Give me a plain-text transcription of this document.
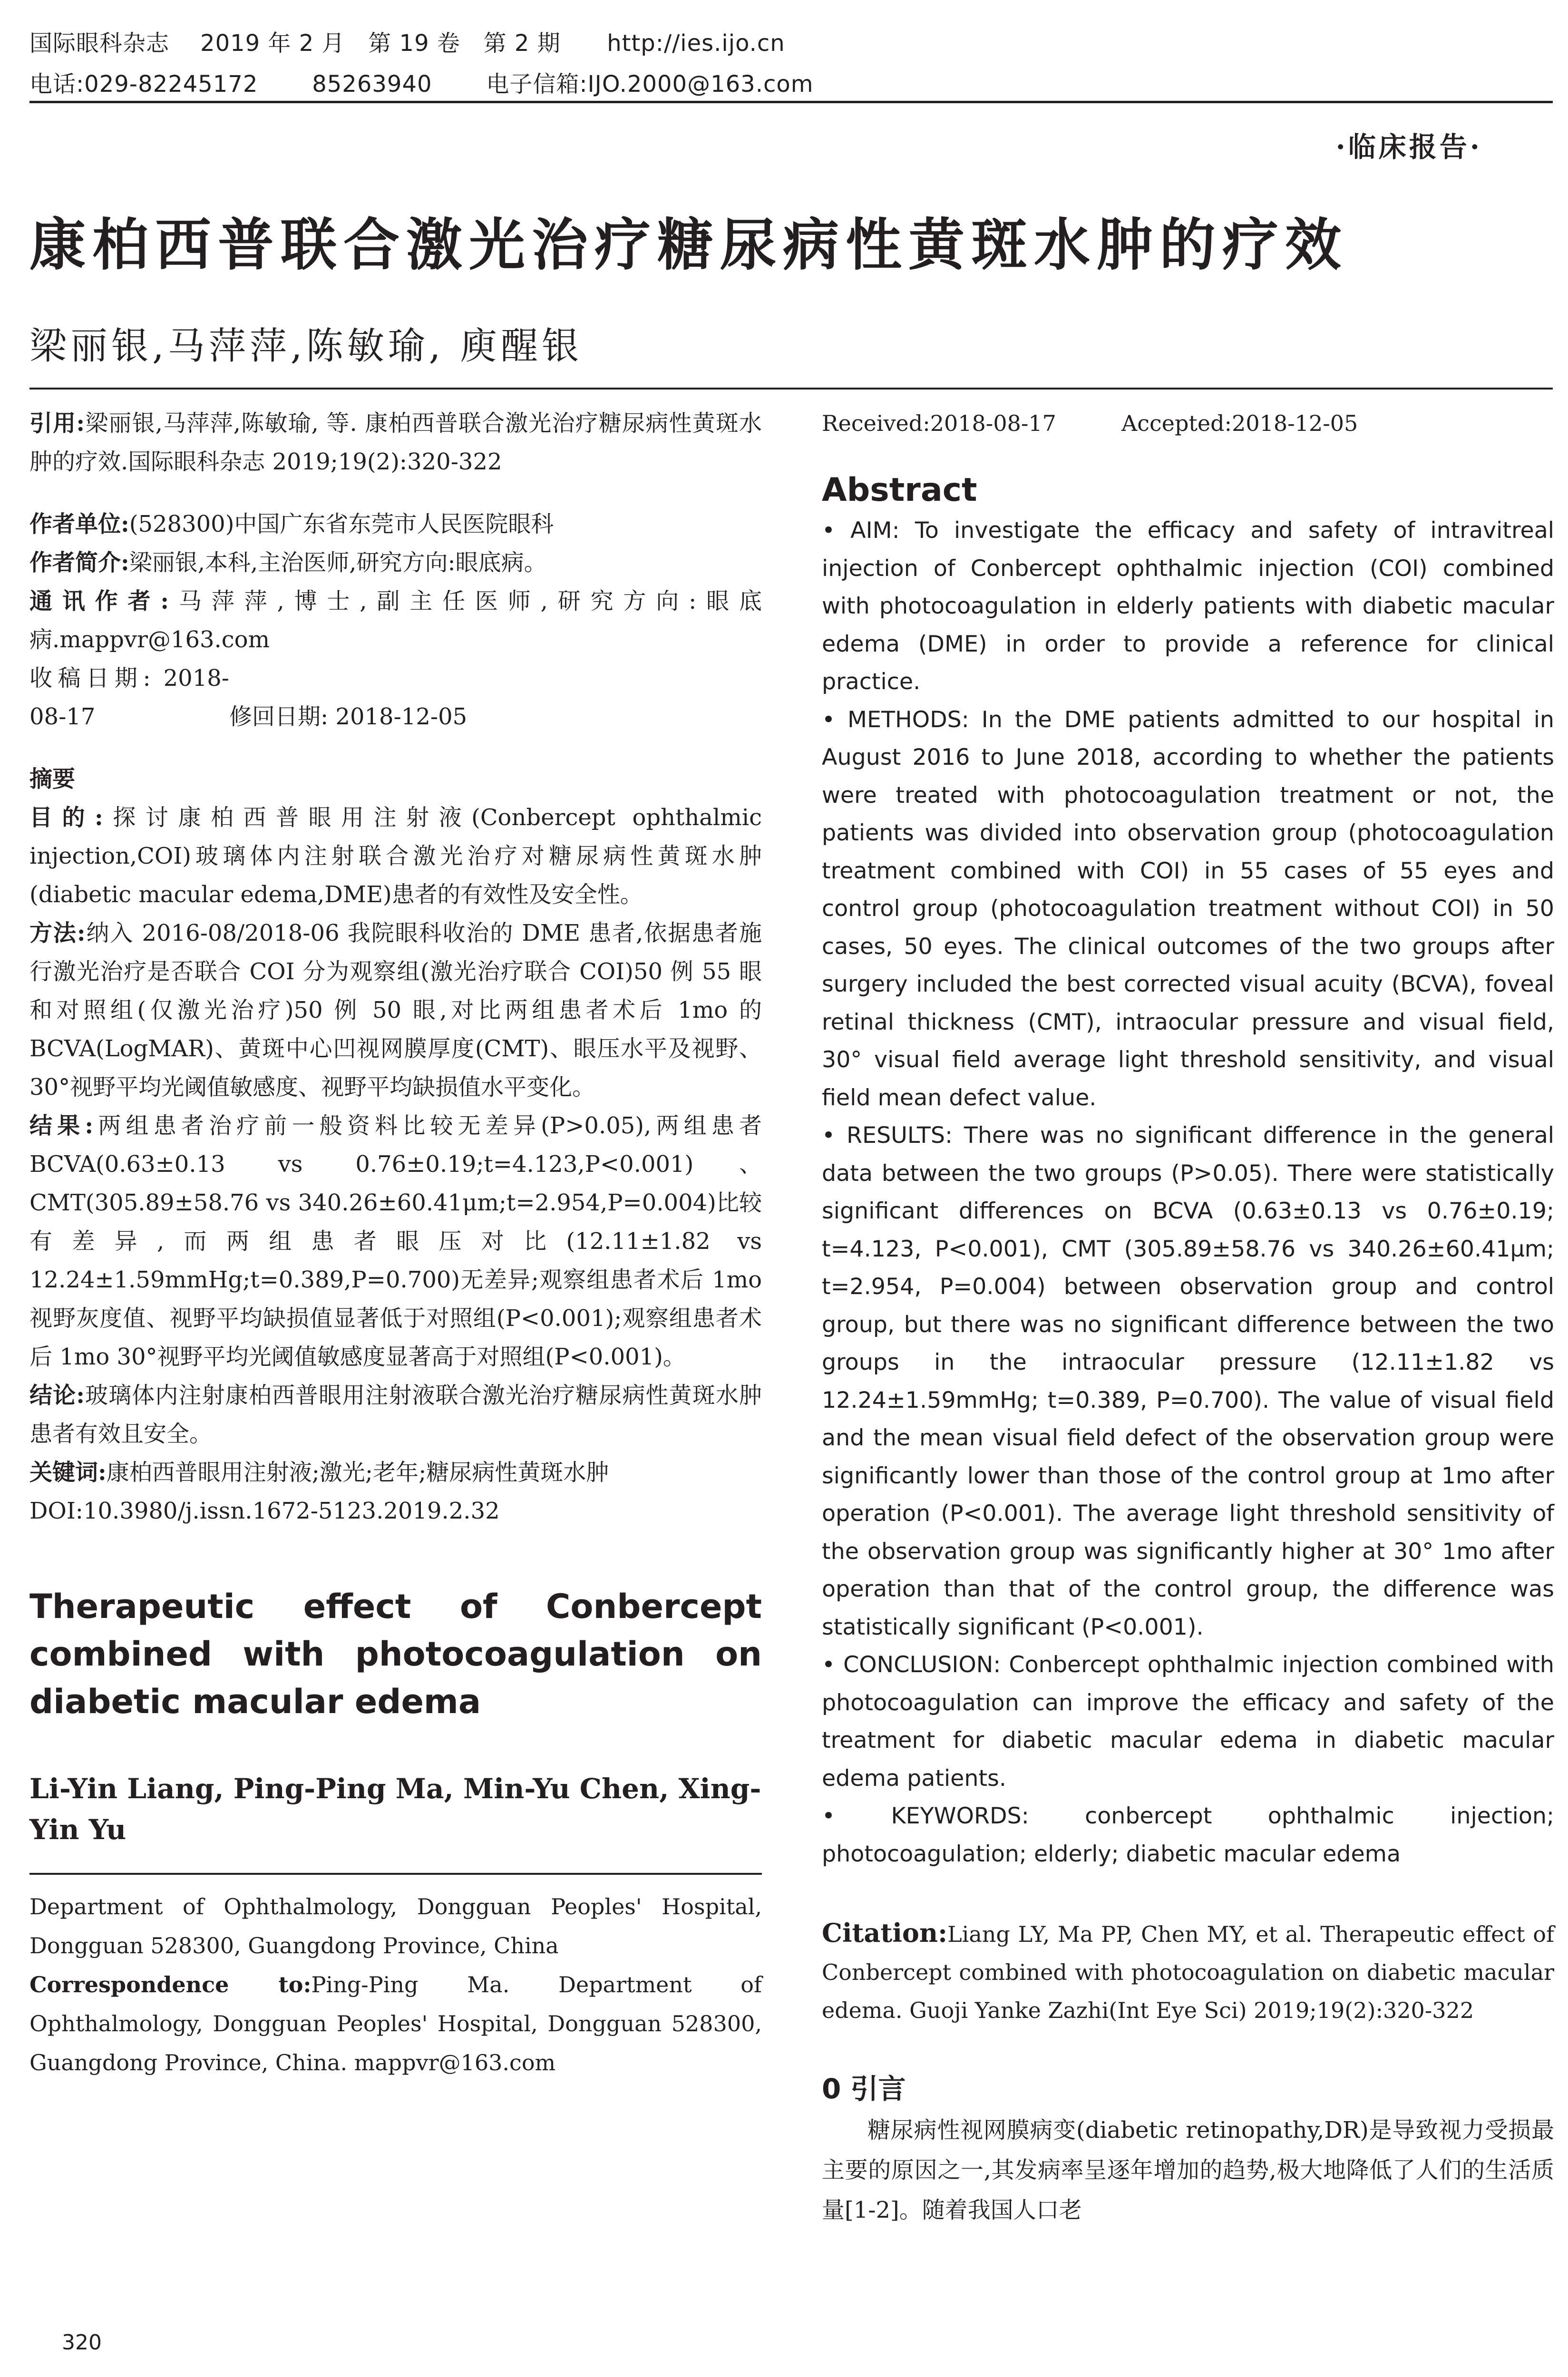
国际眼科杂志    2019 年 2 月   第 19 卷   第 2 期      http://ies.ijo.cn
电话:029-82245172       85263940       电子信箱:IJO.2000@163.com
·临床报告·
康柏西普联合激光治疗糖尿病性黄斑水肿的疗效
梁丽银,马萍萍,陈敏瑜, 庾醒银

引用:梁丽银,马萍萍,陈敏瑜, 等. 康柏西普联合激光治疗糖尿病性黄斑水肿的疗效.国际眼科杂志 2019;19(2):320-322

作者单位:(528300)中国广东省东莞市人民医院眼科

作者简介:梁丽银,本科,主治医师,研究方向:眼底病。

通讯作者:马萍萍,博士,副主任医师,研究方向:眼底病.mappvr@163.com

收稿日期: 2018-08-17	修回日期: 2018-12-05

摘要

目的:探讨康柏西普眼用注射液(Conbercept ophthalmic injection,COI)玻璃体内注射联合激光治疗对糖尿病性黄斑水肿(diabetic macular edema,DME)患者的有效性及安全性。

方法:纳入 2016-08/2018-06 我院眼科收治的 DME 患者,依据患者施行激光治疗是否联合 COI 分为观察组(激光治疗联合 COI)50 例 55 眼和对照组(仅激光治疗)50 例 50 眼,对比两组患者术后 1mo 的 BCVA(LogMAR)、黄斑中心凹视网膜厚度(CMT)、眼压水平及视野、30°视野平均光阈值敏感度、视野平均缺损值水平变化。

结果:两组患者治疗前一般资料比较无差异(P>0.05),两组患者 BCVA(0.63±0.13 vs 0.76±0.19;t=4.123,P<0.001)、CMT(305.89±58.76 vs 340.26±60.41μm;t=2.954,P=0.004)比较有差异,而两组患者眼压对比(12.11±1.82 vs 12.24±1.59mmHg;t=0.389,P=0.700)无差异;观察组患者术后 1mo 视野灰度值、视野平均缺损值显著低于对照组(P<0.001);观察组患者术后 1mo 30°视野平均光阈值敏感度显著高于对照组(P<0.001)。

结论:玻璃体内注射康柏西普眼用注射液联合激光治疗糖尿病性黄斑水肿患者有效且安全。

关键词:康柏西普眼用注射液;激光;老年;糖尿病性黄斑水肿

DOI:10.3980/j.issn.1672-5123.2019.2.32

Therapeutic effect of Conbercept combined with photocoagulation on diabetic macular edema

Li-Yin Liang, Ping-Ping Ma, Min-Yu Chen, Xing-Yin Yu

Department of Ophthalmology, Dongguan Peoples' Hospital, Dongguan 528300, Guangdong Province, China

Correspondence to:Ping-Ping Ma. Department of Ophthalmology, Dongguan Peoples' Hospital, Dongguan 528300, Guangdong Province, China. mappvr@163.com

Received:2018-08-17	Accepted:2018-12-05

Abstract

• AIM: To investigate the efficacy and safety of intravitreal injection of Conbercept ophthalmic injection (COI) combined with photocoagulation in elderly patients with diabetic macular edema (DME) in order to provide a reference for clinical practice.

• METHODS: In the DME patients admitted to our hospital in August 2016 to June 2018, according to whether the patients were treated with photocoagulation treatment or not, the patients was divided into observation group (photocoagulation treatment combined with COI) in 55 cases of 55 eyes and control group (photocoagulation treatment without COI) in 50 cases, 50 eyes. The clinical outcomes of the two groups after surgery included the best corrected visual acuity (BCVA), foveal retinal thickness (CMT), intraocular pressure and visual field, 30° visual field average light threshold sensitivity, and visual field mean defect value.

• RESULTS: There was no significant difference in the general data between the two groups (P>0.05). There were statistically significant differences on BCVA (0.63±0.13 vs 0.76±0.19; t=4.123, P<0.001), CMT (305.89±58.76 vs 340.26±60.41μm; t=2.954, P=0.004) between observation group and control group, but there was no significant difference between the two groups in the intraocular pressure (12.11±1.82 vs 12.24±1.59mmHg; t=0.389, P=0.700). The value of visual field and the mean visual field defect of the observation group were significantly lower than those of the control group at 1mo after operation (P<0.001). The average light threshold sensitivity of the observation group was significantly higher at 30° 1mo after operation than that of the control group, the difference was statistically significant (P<0.001).

• CONCLUSION: Conbercept ophthalmic injection combined with photocoagulation can improve the efficacy and safety of the treatment for diabetic macular edema in diabetic macular edema patients.

• KEYWORDS: conbercept ophthalmic injection; photocoagulation; elderly; diabetic macular edema

Citation:Liang LY, Ma PP, Chen MY, et al. Therapeutic effect of Conbercept combined with photocoagulation on diabetic macular edema. Guoji Yanke Zazhi(Int Eye Sci) 2019;19(2):320-322

0 引言

糖尿病性视网膜病变(diabetic retinopathy,DR)是导致视力受损最主要的原因之一,其发病率呈逐年增加的趋势,极大地降低了人们的生活质量[1-2]。随着我国人口老

320
